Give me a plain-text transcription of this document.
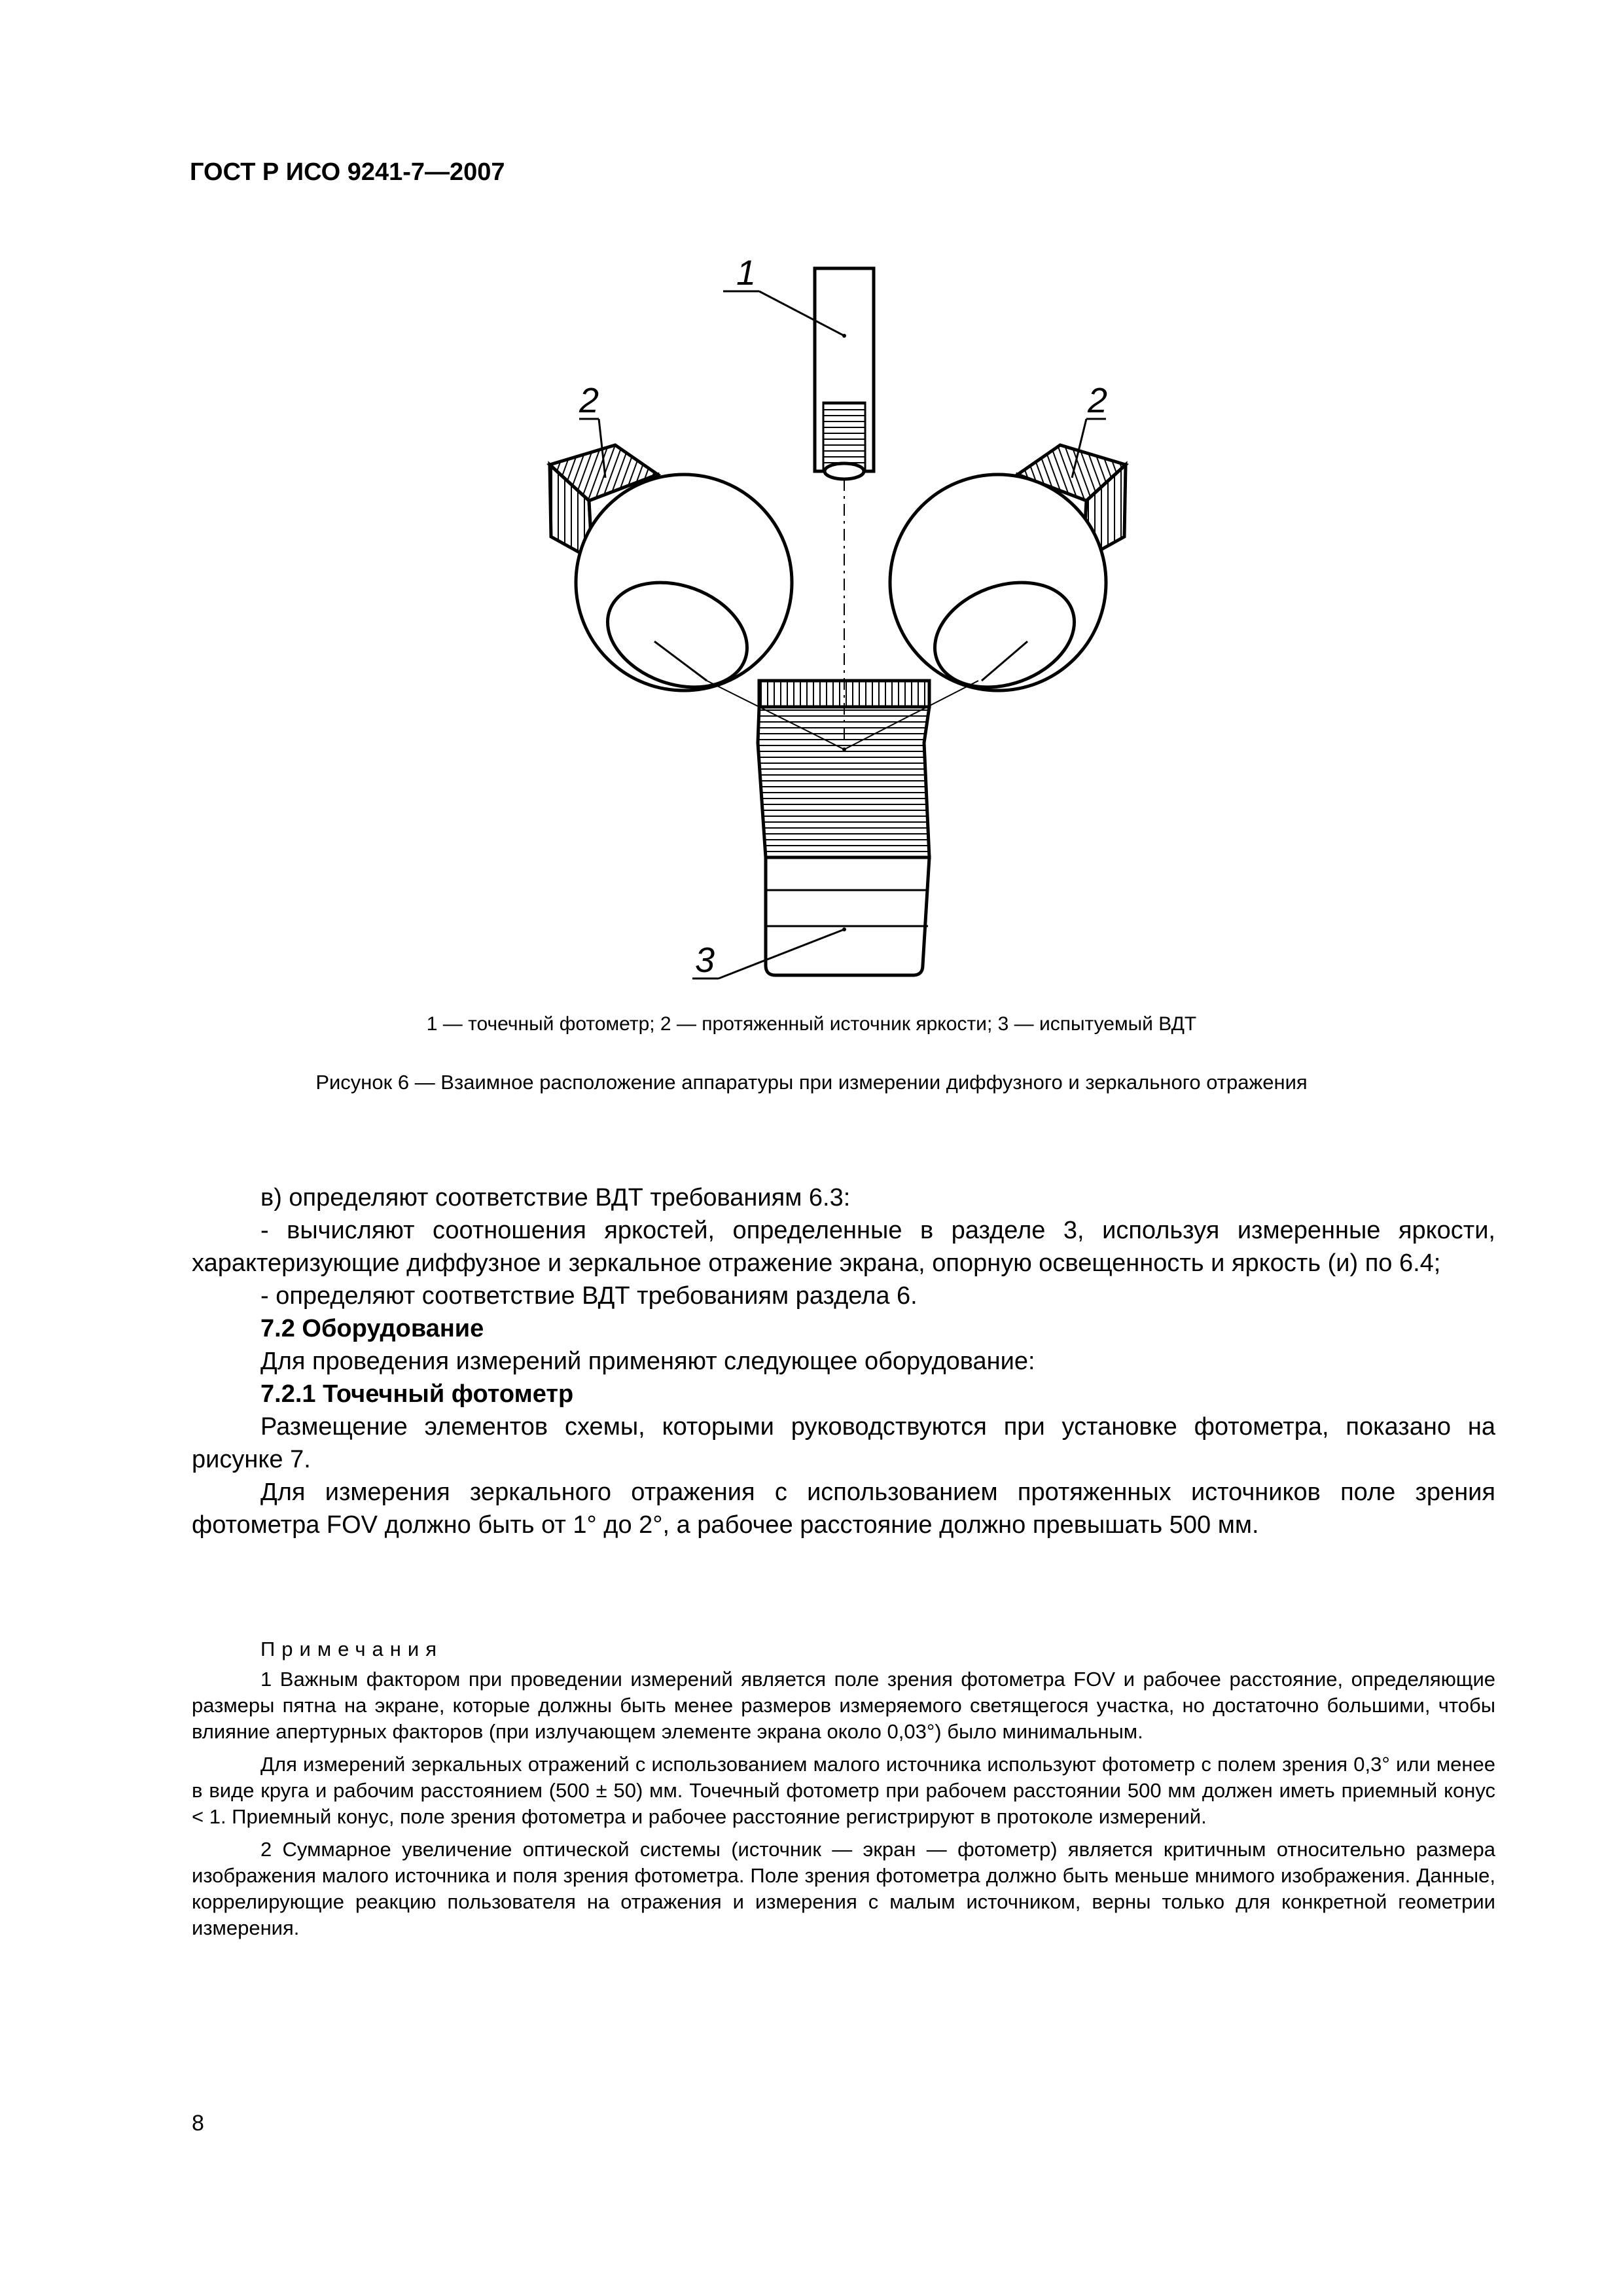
ГОСТ Р ИСО 9241-7—2007
1
2	2
3
1 — точечный фотометр; 2 — протяженный источник яркости; 3 — испытуемый ВДТ
Рисунок 6 — Взаимное расположение аппаратуры при измерении диффузного и зеркального отражения

в) определяют соответствие ВДТ требованиям 6.3:

- вычисляют соотношения яркостей, определенные в разделе 3, используя измеренные яркости, характеризующие диффузное и зеркальное отражение экрана, опорную освещенность и яркость (и) по 6.4;

- определяют соответствие ВДТ требованиям раздела 6.

7.2 Оборудование

Для проведения измерений применяют следующее оборудование:

7.2.1 Точечный фотометр

Размещение элементов схемы, которыми руководствуются при установке фотометра, показано на рисунке 7.

Для измерения зеркального отражения с использованием протяженных источников поле зрения фотометра FOV должно быть от 1° до 2°, а рабочее расстояние должно превышать 500 мм.

Примечания

1 Важным фактором при проведении измерений является поле зрения фотометра FOV и рабочее расстояние, определяющие размеры пятна на экране, которые должны быть менее размеров измеряемого светящегося участка, но достаточно большими, чтобы влияние апертурных факторов (при излучающем элементе экрана около 0,03°) было минимальным.

Для измерений зеркальных отражений с использованием малого источника используют фотометр с полем зрения 0,3° или менее в виде круга и рабочим расстоянием (500 ± 50) мм. Точечный фотометр при рабочем расстоянии 500 мм должен иметь приемный конус < 1. Приемный конус, поле зрения фотометра и рабочее расстояние регистрируют в протоколе измерений.

2 Суммарное увеличение оптической системы (источник — экран — фотометр) является критичным относительно размера изображения малого источника и поля зрения фотометра. Поле зрения фотометра должно быть меньше мнимого изображения. Данные, коррелирующие реакцию пользователя на отражения и измерения с малым источником, верны только для конкретной геометрии измерения.

8
